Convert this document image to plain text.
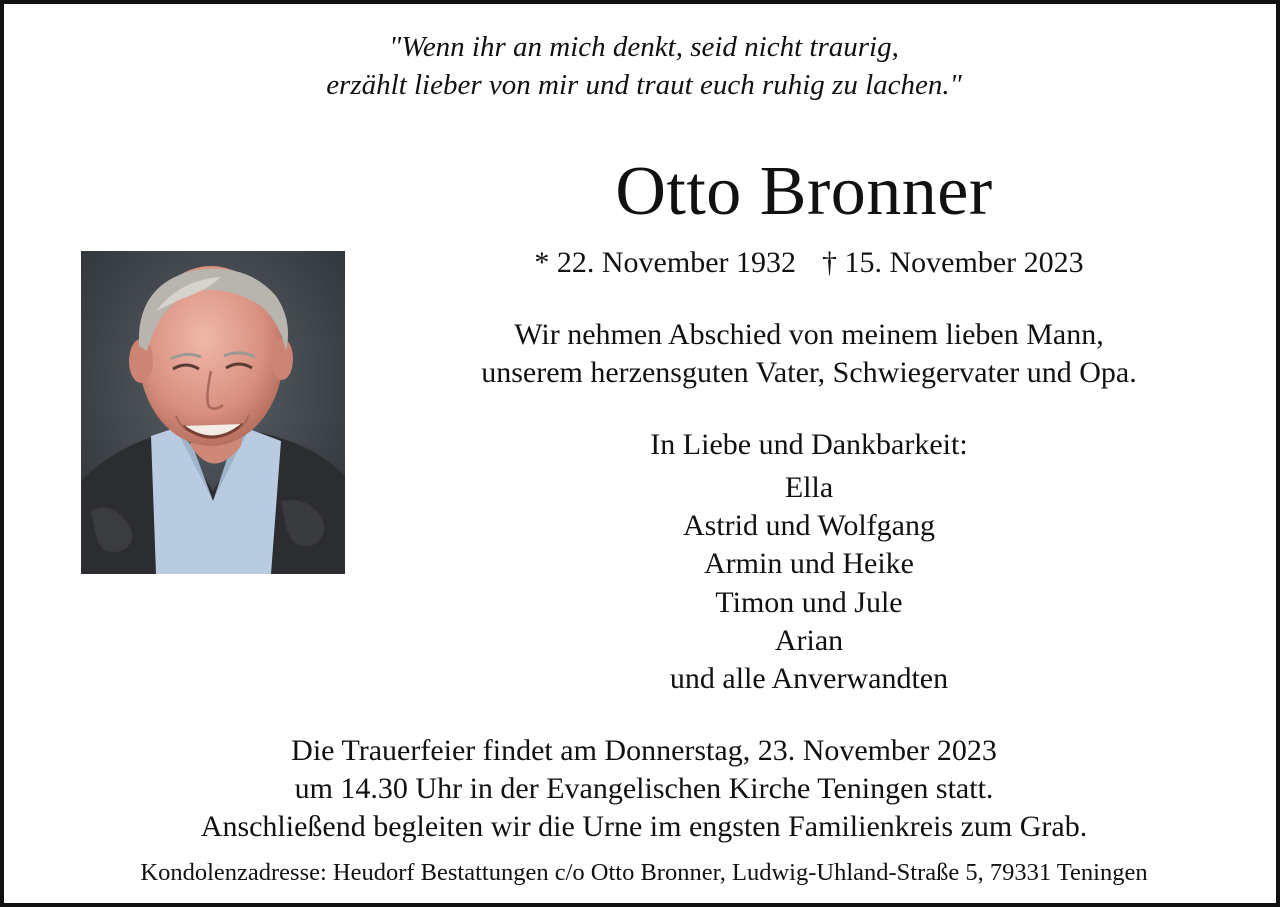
"Wenn ihr an mich denkt, seid nicht traurig,
erzählt lieber von mir und traut euch ruhig zu lachen."
Otto Bronner
* 22. November 1932 † 15. November 2023
Wir nehmen Abschied von meinem lieben Mann,
unserem herzensguten Vater, Schwiegervater und Opa.
In Liebe und Dankbarkeit:
Ella
Astrid und Wolfgang
Armin und Heike
Timon und Jule
Arian
und alle Anverwandten
Die Trauerfeier findet am Donnerstag, 23. November 2023
um 14.30 Uhr in der Evangelischen Kirche Teningen statt.
Anschließend begleiten wir die Urne im engsten Familienkreis zum Grab.
Kondolenzadresse: Heudorf Bestattungen c/o Otto Bronner, Ludwig-Uhland-Straße 5, 79331 Teningen
